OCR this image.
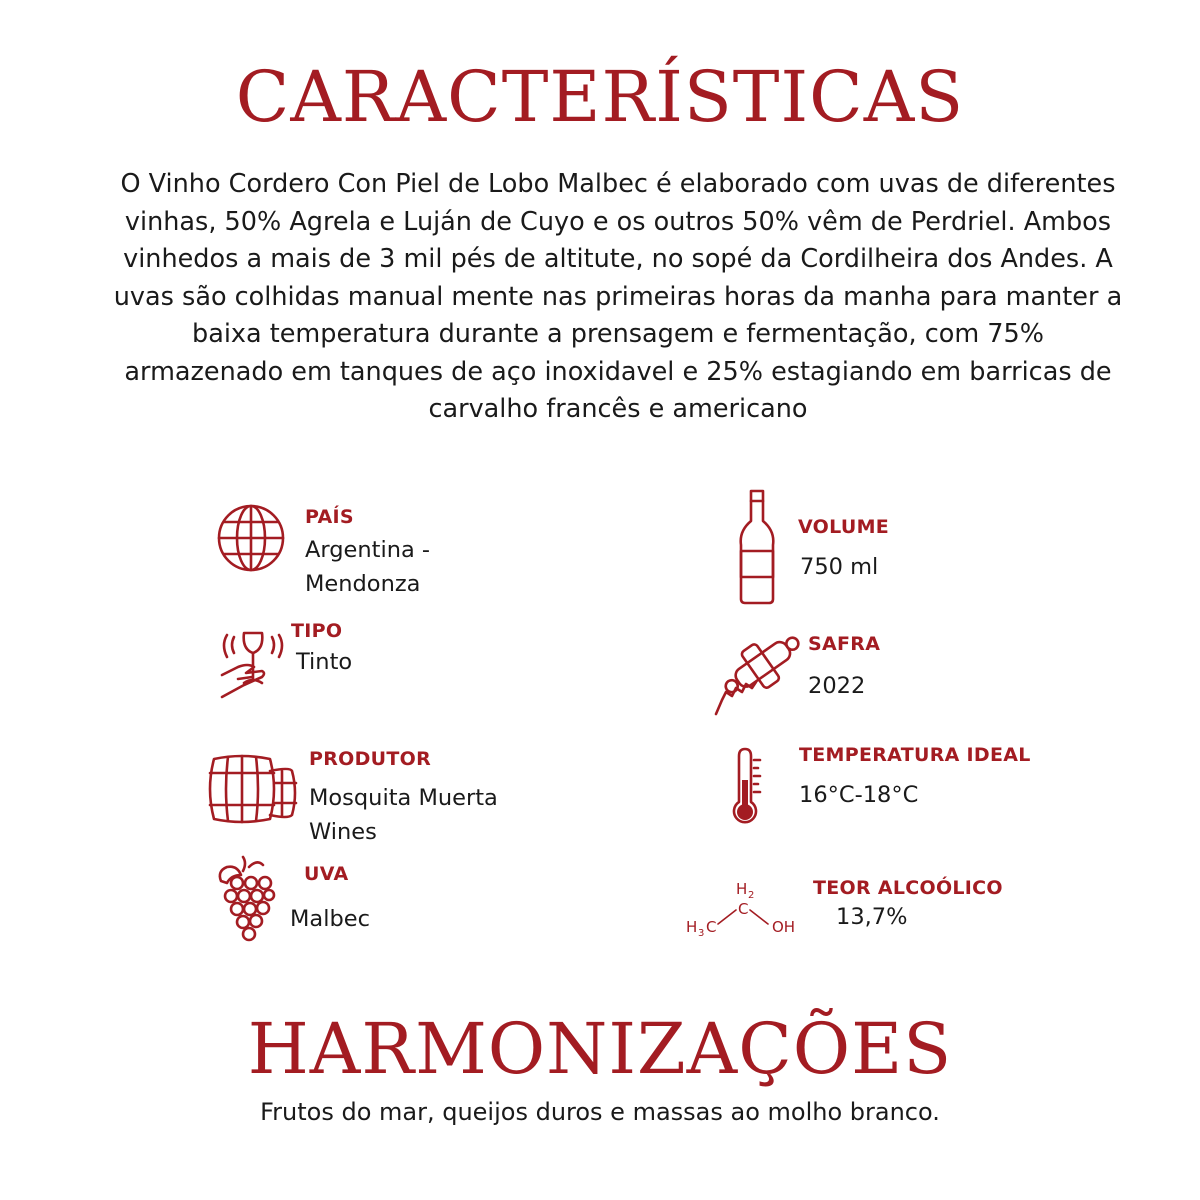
CARACTERÍSTICAS

O Vinho Cordero Con Piel de Lobo Malbec é elaborado com uvas de diferentes vinhas, 50% Agrela e Luján de Cuyo e os outros 50% vêm de Perdriel. Ambos vinhedos a mais de 3 mil pés de altitute, no sopé da Cordilheira dos Andes. A uvas são colhidas manual mente nas primeiras horas da manha para manter a baixa temperatura durante a prensagem e fermentação, com 75% armazenado em tanques de aço inoxidavel e 25% estagiando em barricas de carvalho francês e americano

PAÍS
Argentina - Mendonza
TIPO
Tinto
PRODUTOR
Mosquita Muerta Wines
UVA
Malbec
VOLUME
750 ml
SAFRA
2022
TEMPERATURA IDEAL
16°C-18°C
H 2
C
H 3 C	OH
TEOR ALCOÓLICO
13,7%
HARMONIZAÇÕES

Frutos do mar, queijos duros e massas ao molho branco.
